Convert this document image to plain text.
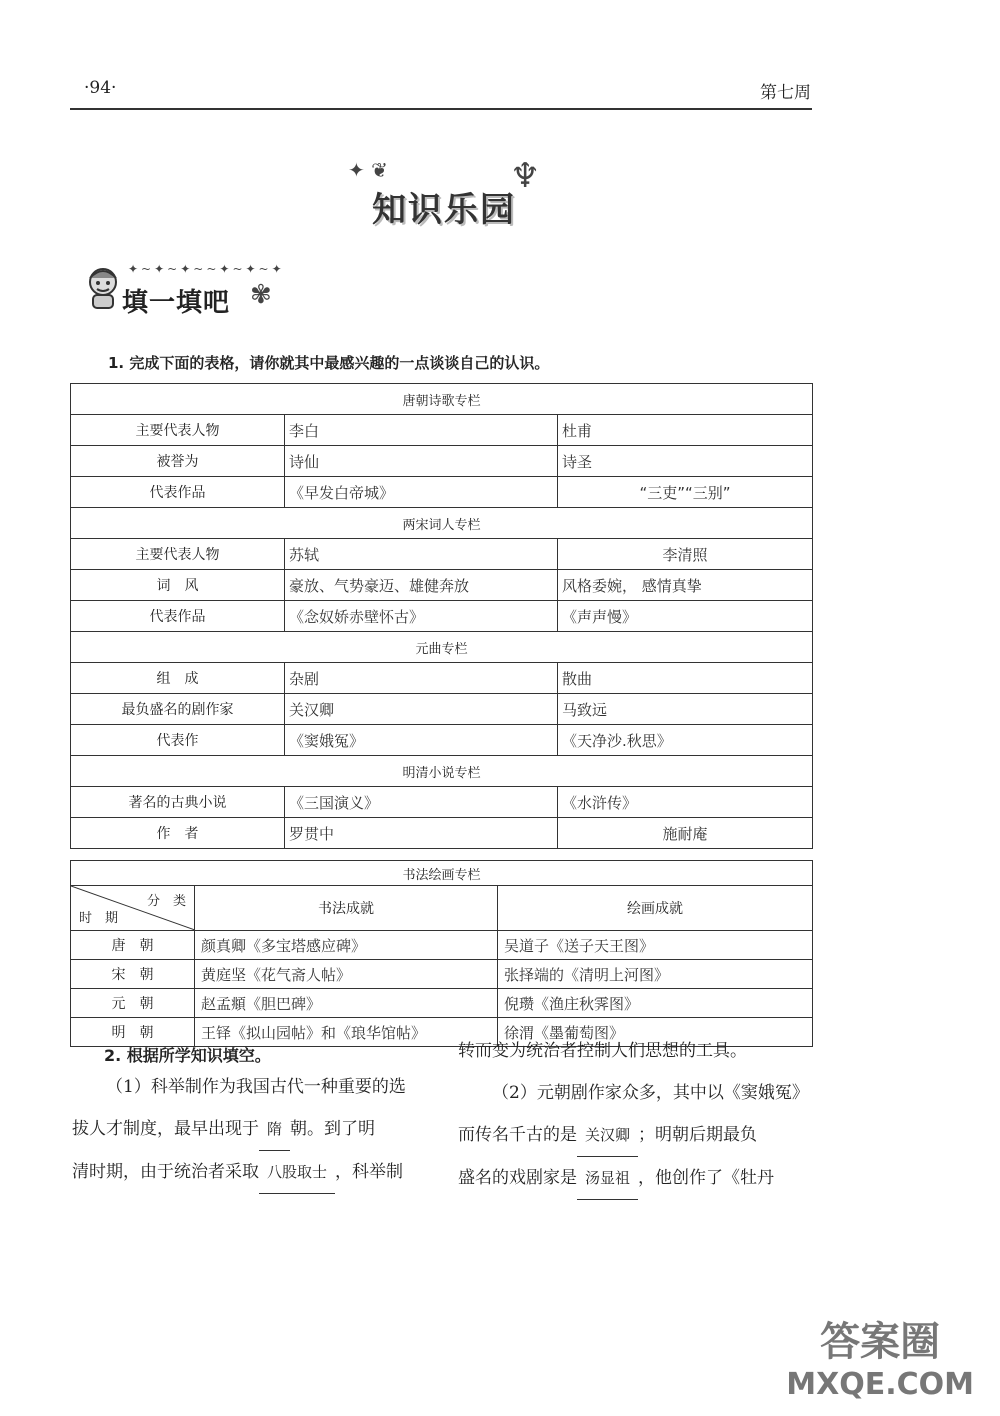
·94·	第七周
✦ ❦	♆
知识乐园
✦~✦~✦~~✦~✦~✦
填一填吧 ✾
1. 完成下面的表格，请你就其中最感兴趣的一点谈谈自己的认识。
唐朝诗歌专栏		
主要代表人物	李白	杜甫
被誉为	诗仙	诗圣
代表作品	《早发白帝城》	“三吏”“三别”
两宋词人专栏		
主要代表人物	苏轼	李清照
词　风	豪放、气势豪迈、雄健奔放	风格委婉， 感情真挚
代表作品	《念奴娇赤壁怀古》	《声声慢》
元曲专栏		
组　成	杂剧	散曲
最负盛名的剧作家	关汉卿	马致远
代表作	《窦娥冤》	《天净沙.秋思》
明清小说专栏		
著名的古典小说	《三国演义》	《水浒传》
作　者	罗贯中	施耐庵
书法绘画专栏		

分　类
时　期	书法成就	绘画成就
唐　朝	颜真卿《多宝塔感应碑》	吴道子《送子天王图》
宋　朝	黄庭坚《花气斋人帖》	张择端的《清明上河图》
元　朝	赵孟頫《胆巴碑》	倪瓒《渔庄秋霁图》
明　朝	王铎《拟山园帖》和《琅华馆帖》	徐渭《墨葡萄图》
2. 根据所学知识填空。
（1）科举制作为我国古代一种重要的选
拔人才制度，最早出现于 隋 朝。到了明
清时期，由于统治者采取 八股取士 ，科举制
转而变为统治者控制人们思想的工具。
（2）元朝剧作家众多，其中以《窦娥冤》
而传名千古的是 关汉卿 ；明朝后期最负
盛名的戏剧家是 汤显祖 ，他创作了《牡丹
答案圈
MXQE.COM
